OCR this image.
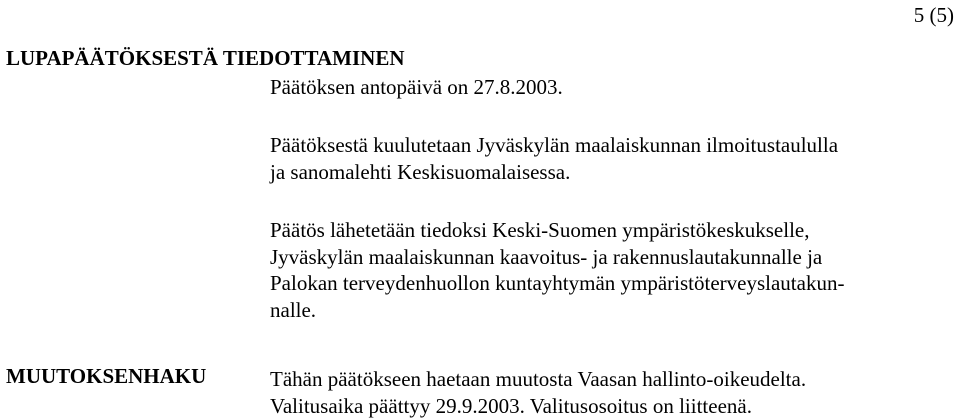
5 (5)
LUPAPÄÄTÖKSESTÄ TIEDOTTAMINEN
Päätöksen antopäivä on 27.8.2003.
Päätöksestä kuulutetaan Jyväskylän maalaiskunnan ilmoitustaululla
ja sanomalehti Keskisuomalaisessa.
Päätös lähetetään tiedoksi Keski-Suomen ympäristökeskukselle,
Jyväskylän maalaiskunnan kaavoitus- ja rakennuslautakunnalle ja
Palokan terveydenhuollon kuntayhtymän ympäristöterveyslautakun-
nalle.
MUUTOKSENHAKU	Tähän päätökseen haetaan muutosta Vaasan hallinto-oikeudelta.
Valitusaika päättyy 29.9.2003. Valitusosoitus on liitteenä.
